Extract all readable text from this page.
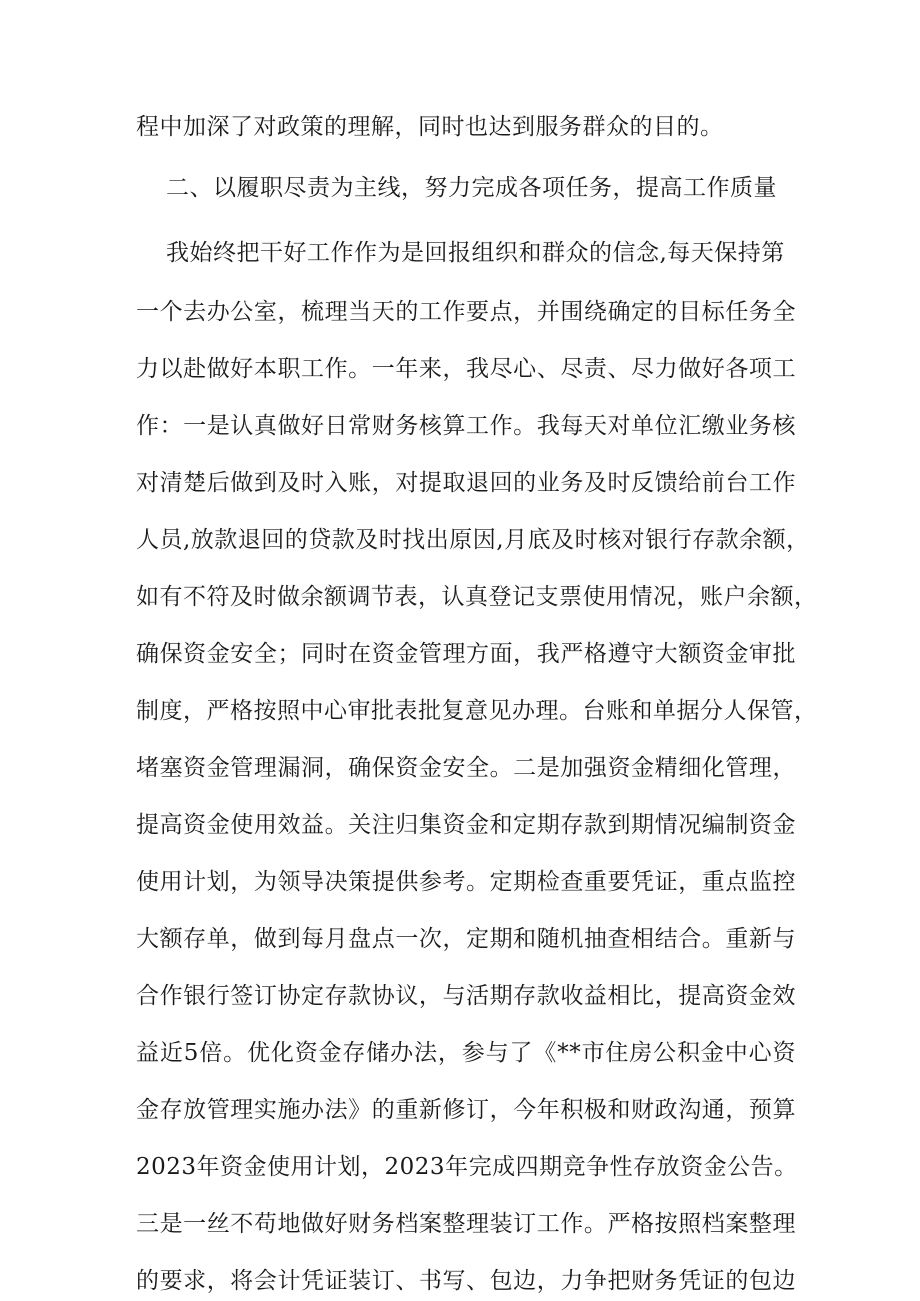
程中加深了对政策的理解，同时也达到服务群众的目的。
二、以履职尽责为主线，努力完成各项任务，提高工作质量
我始终把干好工作作为是回报组织和群众的信念,每天保持第
一个去办公室，梳理当天的工作要点，并围绕确定的目标任务全
力以赴做好本职工作。一年来，我尽心、尽责、尽力做好各项工
作：一是认真做好日常财务核算工作。我每天对单位汇缴业务核
对清楚后做到及时入账，对提取退回的业务及时反馈给前台工作
人员,放款退回的贷款及时找出原因,月底及时核对银行存款余额，
如有不符及时做余额调节表，认真登记支票使用情况，账户余额，
确保资金安全；同时在资金管理方面，我严格遵守大额资金审批
制度，严格按照中心审批表批复意见办理。台账和单据分人保管，
堵塞资金管理漏洞，确保资金安全。二是加强资金精细化管理，
提高资金使用效益。关注归集资金和定期存款到期情况编制资金
使用计划，为领导决策提供参考。定期检查重要凭证，重点监控
大额存单，做到每月盘点一次，定期和随机抽查相结合。重新与
合作银行签订协定存款协议，与活期存款收益相比，提高资金效
益近5倍。优化资金存储办法，参与了《**市住房公积金中心资
金存放管理实施办法》的重新修订，今年积极和财政沟通，预算
2023年资金使用计划，2023年完成四期竞争性存放资金公告。
三是一丝不苟地做好财务档案整理装订工作。严格按照档案整理
的要求，将会计凭证装订、书写、包边，力争把财务凭证的包边
